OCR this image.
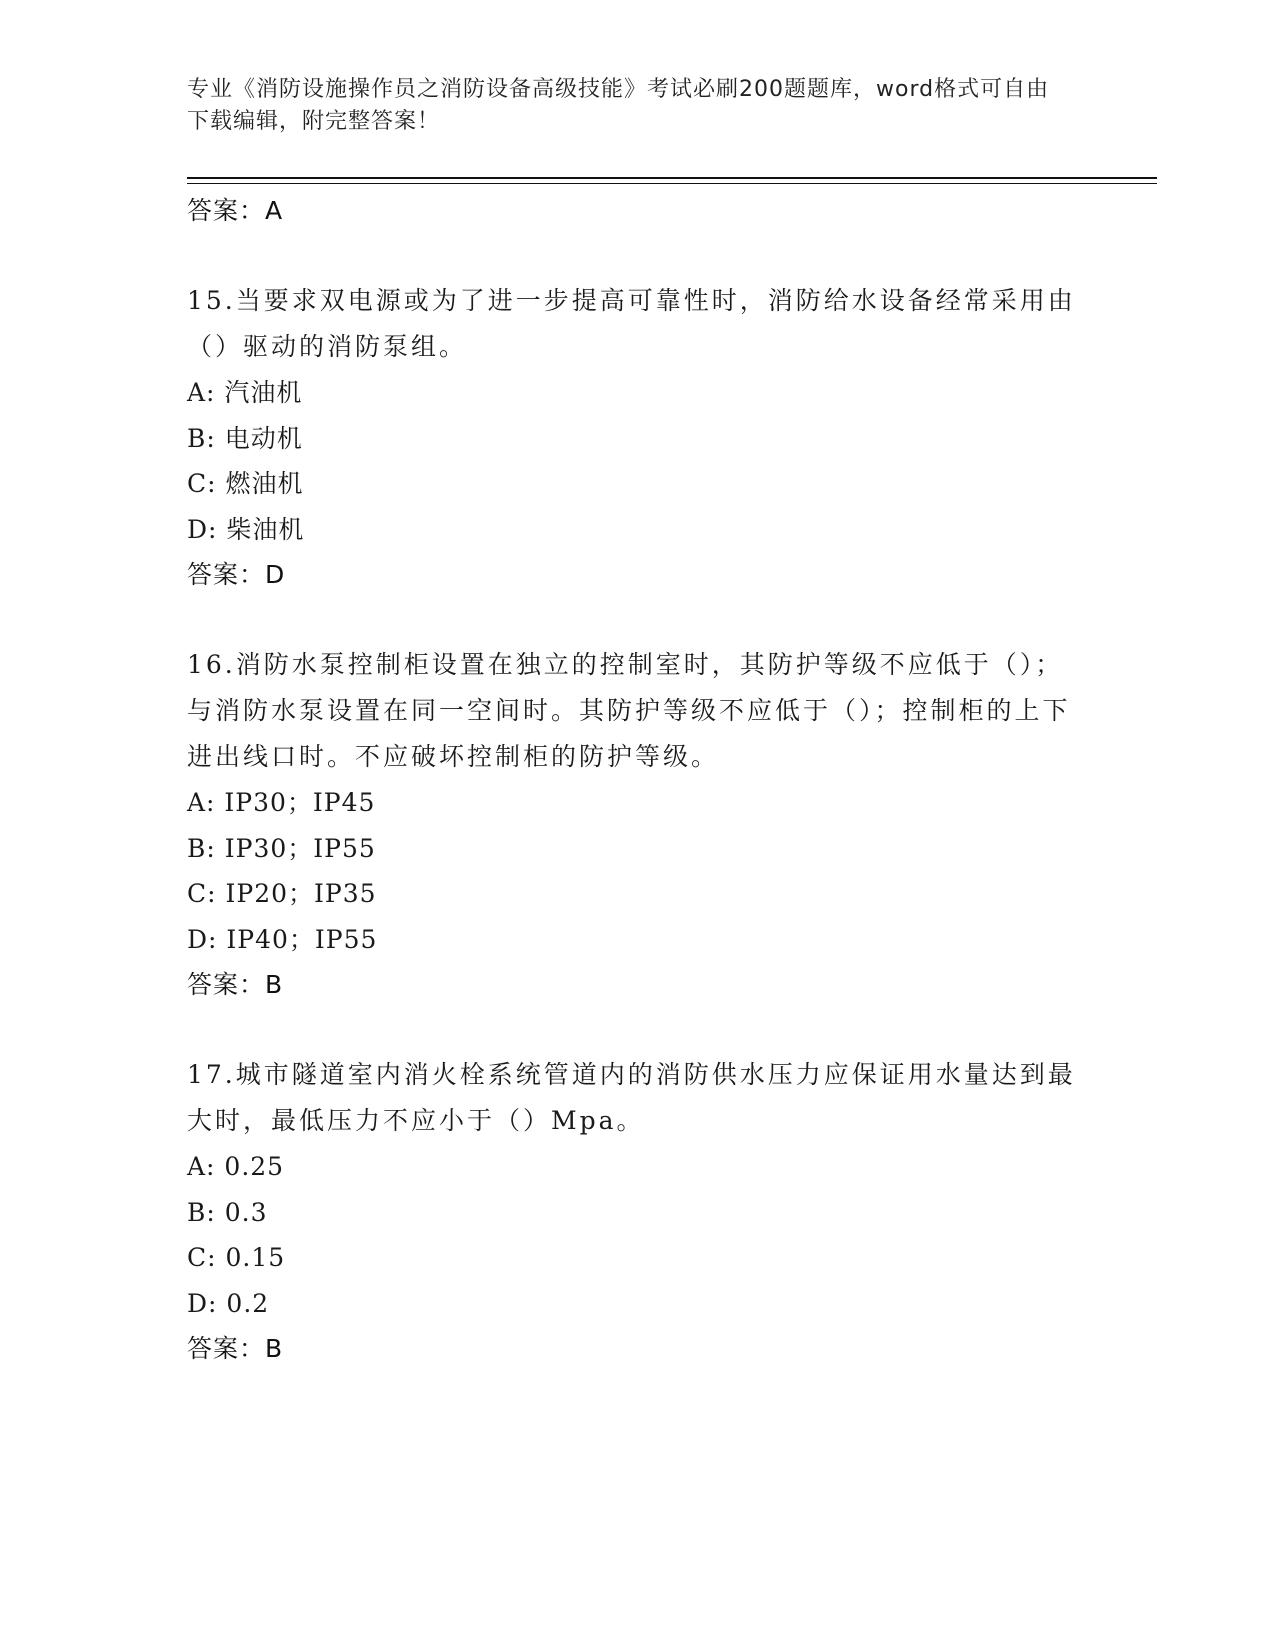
专业《消防设施操作员之消防设备高级技能》考试必刷200题题库，word格式可自由下载编辑，附完整答案！

答案：A

15.当要求双电源或为了进一步提高可靠性时，消防给水设备经常采用由（）驱动的消防泵组。

A: 汽油机

B: 电动机

C: 燃油机

D: 柴油机

答案：D

16.消防水泵控制柜设置在独立的控制室时，其防护等级不应低于（）；与消防水泵设置在同一空间时。其防护等级不应低于（）；控制柜的上下进出线口时。不应破坏控制柜的防护等级。

A: IP30；IP45

B: IP30；IP55

C: IP20；IP35

D: IP40；IP55

答案：B

17.城市隧道室内消火栓系统管道内的消防供水压力应保证用水量达到最大时，最低压力不应小于（）Mpa。

A: 0.25

B: 0.3

C: 0.15

D: 0.2

答案：B
